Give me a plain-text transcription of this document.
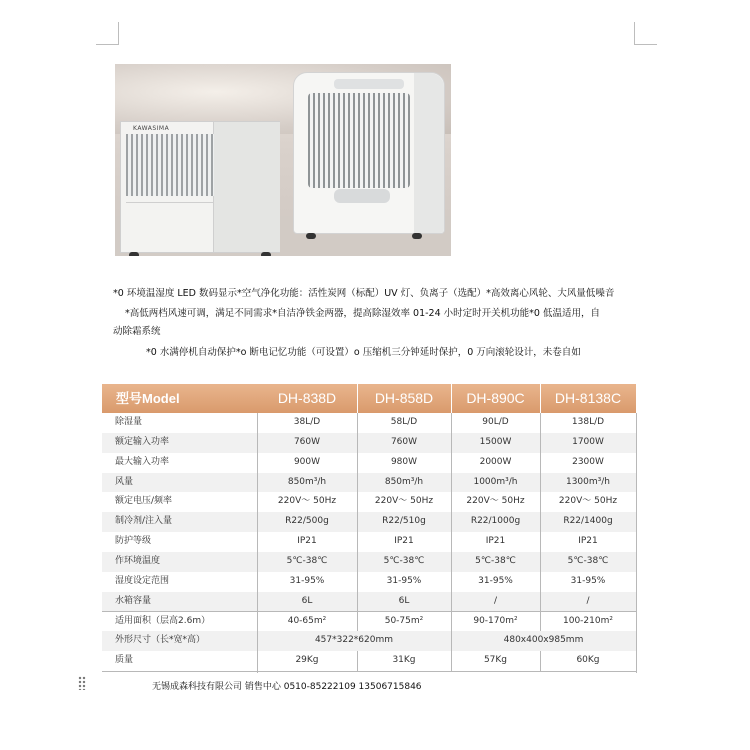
KAWASIMA
*0 环境温湿度 LED 数码显示*空气净化功能：活性炭网（标配）UV 灯、负离子（选配）*高效离心风轮、大风量低噪音
*高低两档风速可调，满足不同需求*自洁净铁金两器，提高除湿效率 01-24 小时定时开关机功能*0 低温适用，自
动除霜系统
*0 水满停机自动保护*o 断电记忆功能（可设置）o 压缩机三分钟延时保护，0 万向滚轮设计，未卷自如
型号Model	DH-838D	DH-858D	DH-890C	DH-8138C
除湿量	38L/D	58L/D	90L/D	138L/D
额定输入功率	760W	760W	1500W	1700W
最大输入功率	900W	980W	2000W	2300W
风量	850m³/h	850m³/h	1000m³/h	1300m³/h
额定电压/频率	220V～ 50Hz	220V～ 50Hz	220V～ 50Hz	220V～ 50Hz
制冷剂/注入量	R22/500g	R22/510g	R22/1000g	R22/1400g
防护等级	IP21	IP21	IP21	IP21
作环境温度	5℃-38℃	5℃-38℃	5℃-38℃	5℃-38℃
湿度设定范围	31-95%	31-95%	31-95%	31-95%
水箱容量	6L	6L	/	/
适用面积（层高2.6m）	40-65m²	50-75m²	90-170m²	100-210m²
外形尺寸（长*宽*高）	457*322*620mm	480x400x985mm
质量	29Kg	31Kg	57Kg	60Kg
无锡成森科技有限公司 销售中心 0510-85222109 13506715846
